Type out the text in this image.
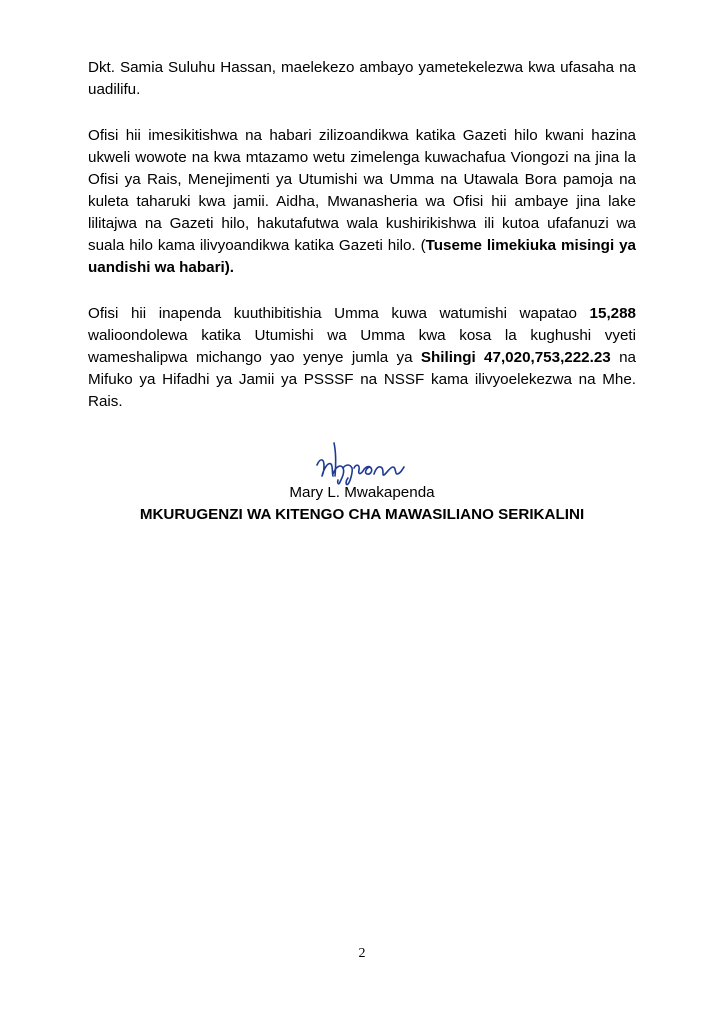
Dkt. Samia Suluhu Hassan, maelekezo ambayo yametekelezwa kwa ufasaha na uadilifu.

Ofisi hii imesikitishwa na habari zilizoandikwa katika Gazeti hilo kwani hazina ukweli wowote na kwa mtazamo wetu zimelenga kuwachafua Viongozi na jina la Ofisi ya Rais, Menejimenti ya Utumishi wa Umma na Utawala Bora pamoja na kuleta taharuki kwa jamii. Aidha, Mwanasheria wa Ofisi hii ambaye jina lake lilitajwa na Gazeti hilo, hakutafutwa wala kushirikishwa ili kutoa ufafanuzi wa suala hilo kama ilivyoandikwa katika Gazeti hilo. (Tuseme limekiuka misingi ya uandishi wa habari).

Ofisi hii inapenda kuuthibitishia Umma kuwa watumishi wapatao 15,288 walioondolewa katika Utumishi wa Umma kwa kosa la kughushi vyeti wameshalipwa michango yao yenye jumla ya Shilingi 47,020,753,222.23 na Mifuko ya Hifadhi ya Jamii ya PSSSF na NSSF kama ilivyoelekezwa na Mhe. Rais.

Mary L. Mwakapenda
MKURUGENZI WA KITENGO CHA MAWASILIANO SERIKALINI
2
